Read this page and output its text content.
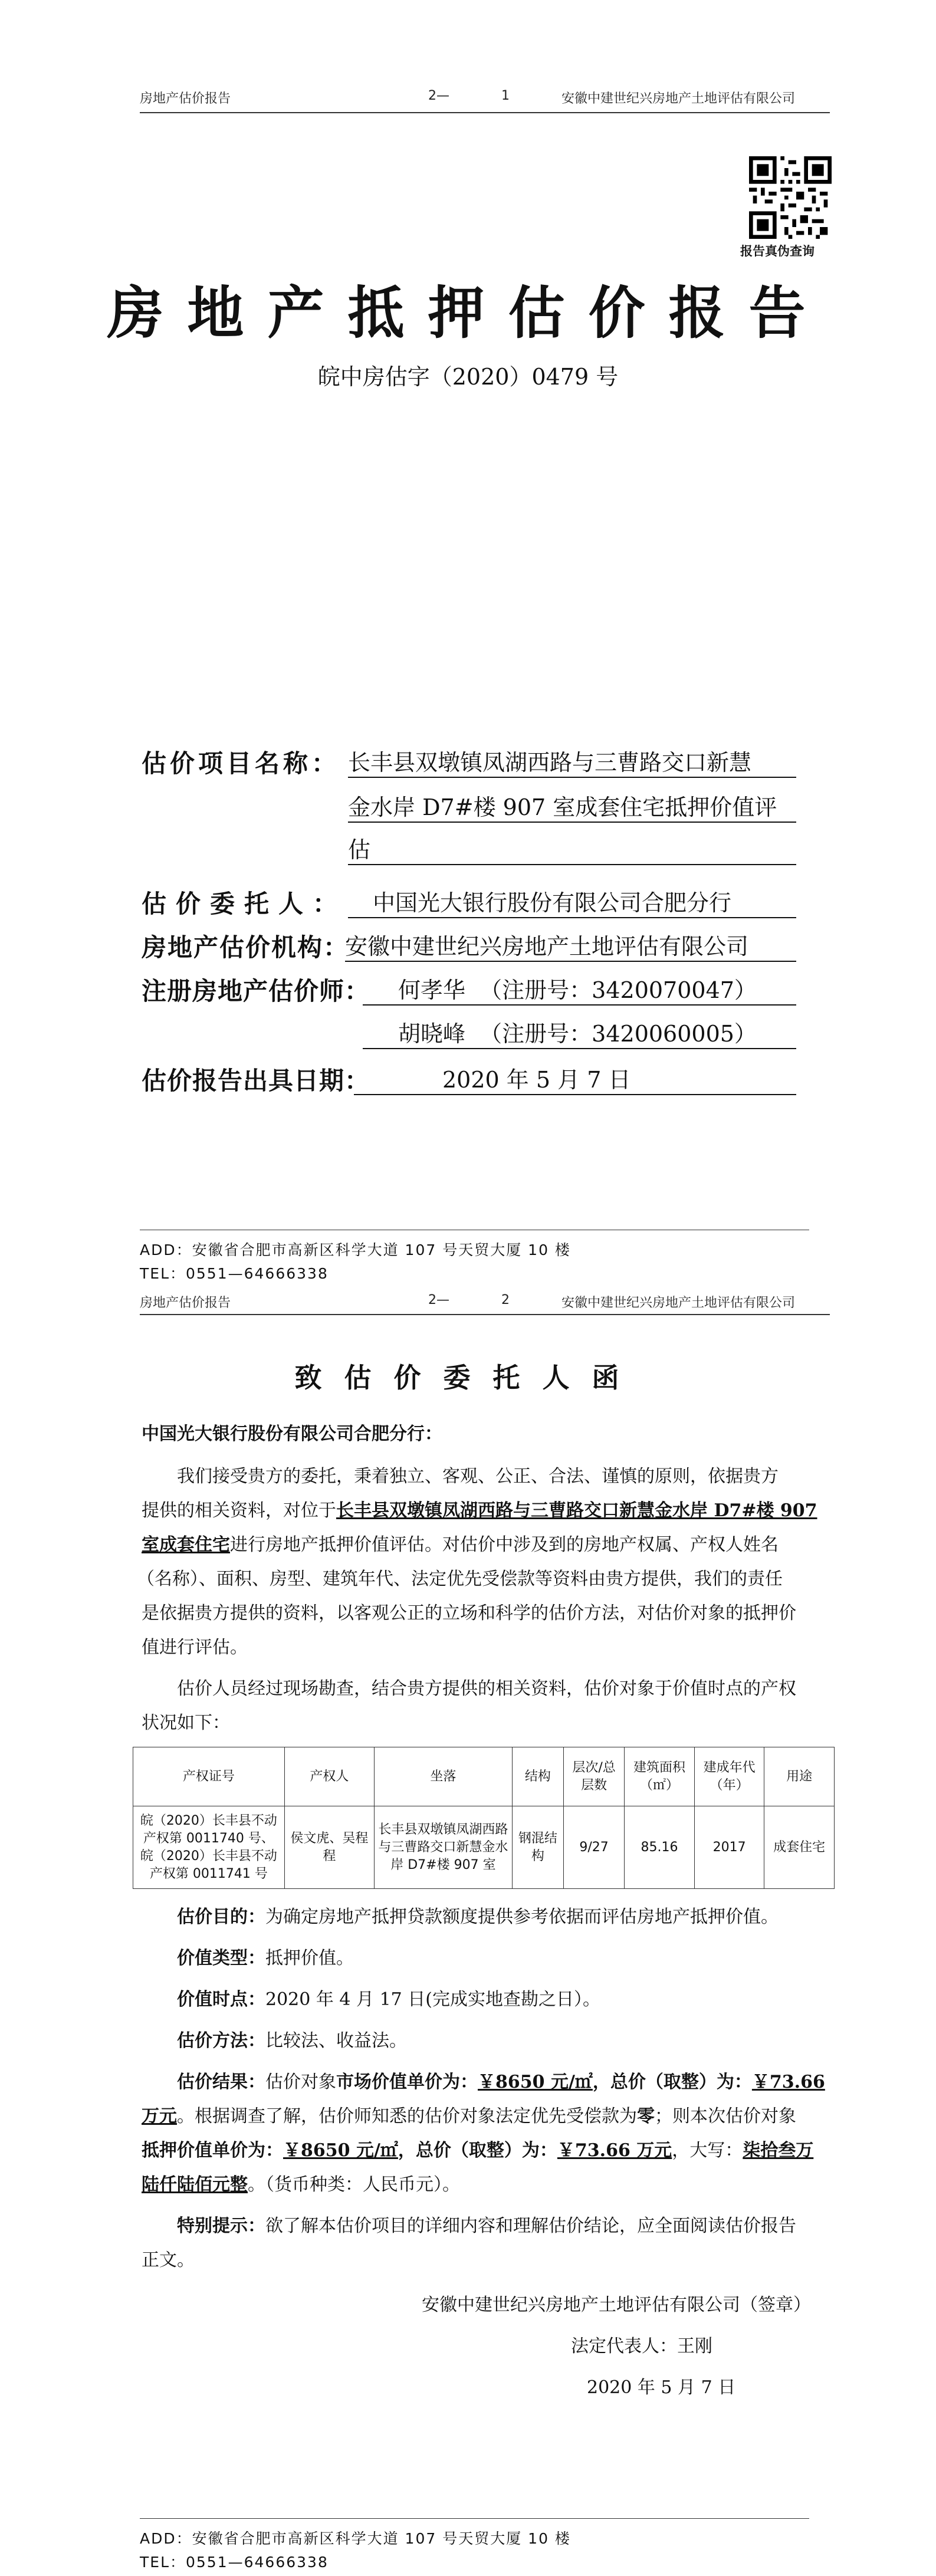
房地产估价报告	2—	1	安徽中建世纪兴房地产土地评估有限公司
报告真伪查询
房地产抵押估价报告
皖中房估字（2020）0479 号
估价项目名称： 长丰县双墩镇凤湖西路与三曹路交口新慧
金水岸 D7#楼 907 室成套住宅抵押价值评
估
估价委托人：	中国光大银行股份有限公司合肥分行
房地产估价机构：
安徽中建世纪兴房地产土地评估有限公司
注册房地产估价师：	何孝华  （注册号：3420070047）
胡晓峰  （注册号：3420060005）
估价报告出具日期：	2020 年 5 月 7 日
ADD：安徽省合肥市高新区科学大道 107 号天贸大厦 10 楼
TEL：0551—64666338
房地产估价报告	2—	2	安徽中建世纪兴房地产土地评估有限公司
致估价委托人函
中国光大银行股份有限公司合肥分行：
我们接受贵方的委托，秉着独立、客观、公正、合法、谨慎的原则，依据贵方
提供的相关资料，对位于长丰县双墩镇凤湖西路与三曹路交口新慧金水岸 D7#楼 907
室成套住宅进行房地产抵押价值评估。对估价中涉及到的房地产权属、产权人姓名
（名称）、面积、房型、建筑年代、法定优先受偿款等资料由贵方提供，我们的责任
是依据贵方提供的资料，以客观公正的立场和科学的估价方法，对估价对象的抵押价
值进行评估。
估价人员经过现场勘查，结合贵方提供的相关资料，估价对象于价值时点的产权
状况如下：
产权证号	产权人	坐落	结构	层次/总层数	建筑面积（㎡）	建成年代（年）	用途
皖（2020）长丰县不动产权第 0011740 号、皖（2020）长丰县不动产权第 0011741 号	侯文虎、吴程程	长丰县双墩镇凤湖西路与三曹路交口新慧金水岸 D7#楼 907 室	钢混结构	9/27	85.16	2017	成套住宅
估价目的：为确定房地产抵押贷款额度提供参考依据而评估房地产抵押价值。
价值类型：抵押价值。
价值时点：2020 年 4 月 17 日(完成实地查勘之日）。
估价方法：比较法、收益法。
估价结果：估价对象市场价值单价为：￥8650 元/㎡，总价（取整）为：￥73.66
万元。根据调查了解，估价师知悉的估价对象法定优先受偿款为零；则本次估价对象
抵押价值单价为：￥8650 元/㎡，总价（取整）为：￥73.66 万元，大写：柒拾叁万
陆仟陆佰元整。（货币种类：人民币元）。
特别提示：欲了解本估价项目的详细内容和理解估价结论，应全面阅读估价报告
正文。
安徽中建世纪兴房地产土地评估有限公司（签章）
法定代表人：王刚
2020 年 5 月 7 日
ADD：安徽省合肥市高新区科学大道 107 号天贸大厦 10 楼
TEL：0551—64666338
